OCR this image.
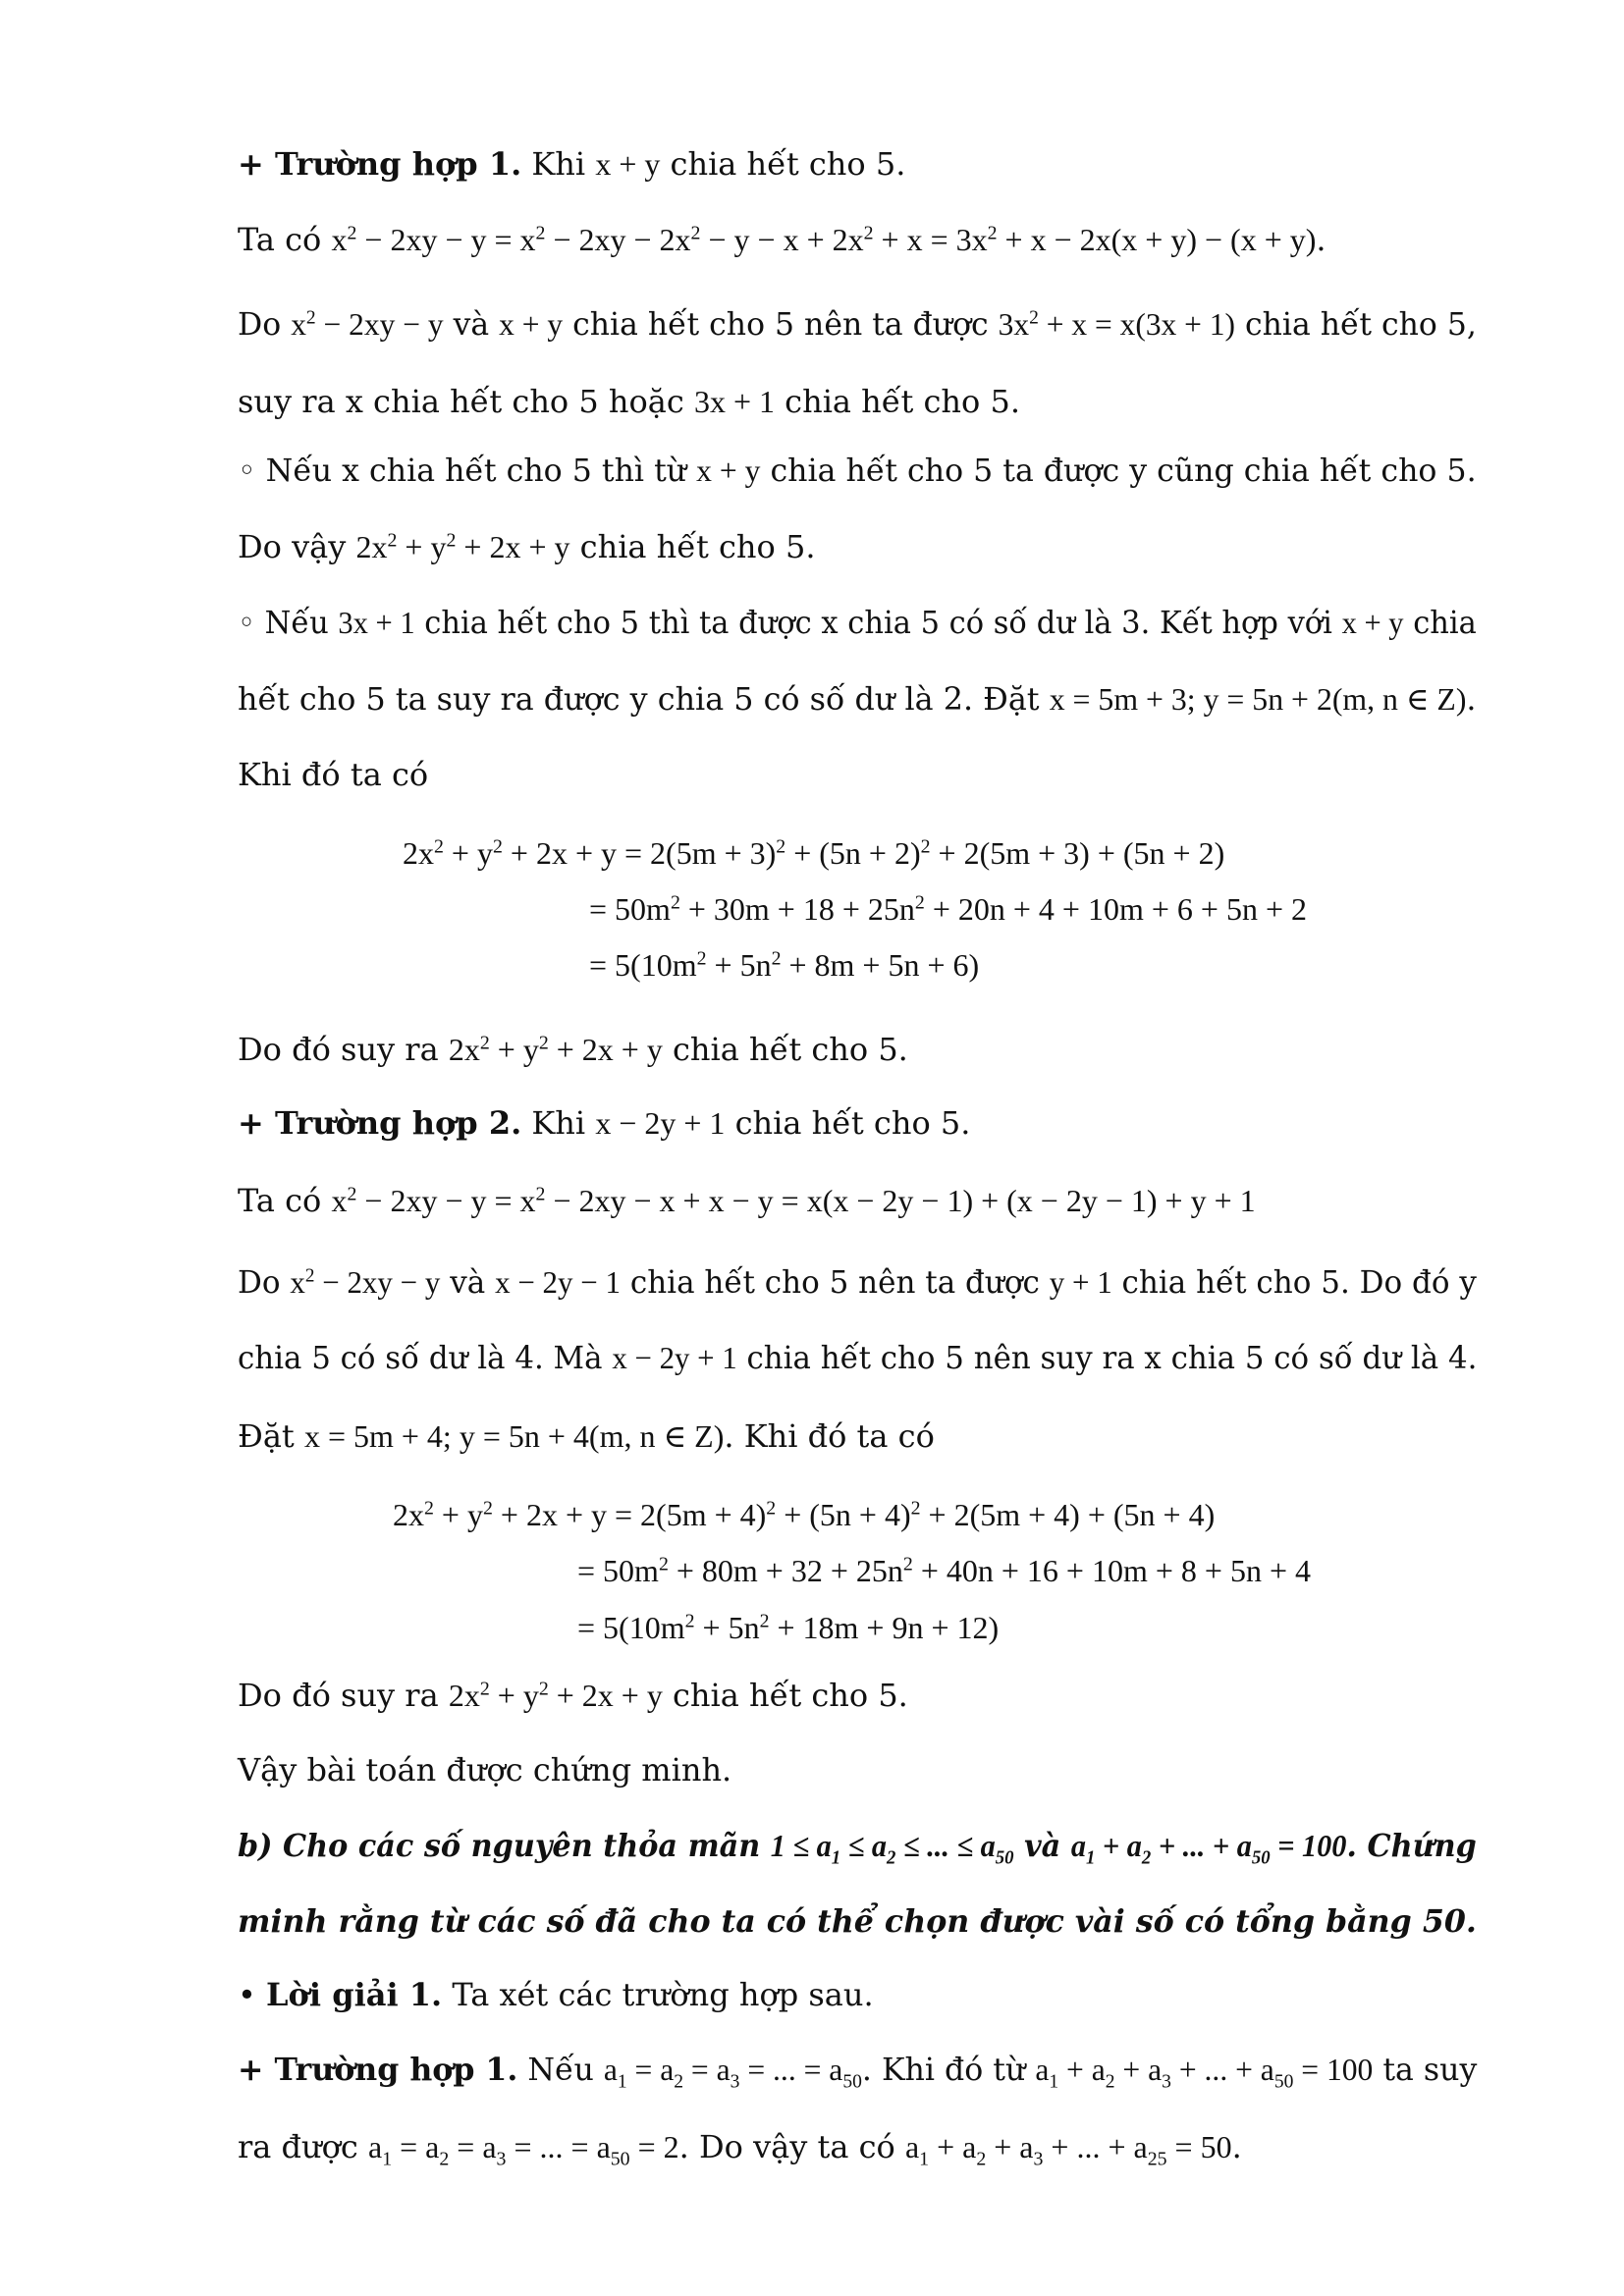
+ Trường hợp 1. Khi x + y chia hết cho 5.
Ta có $x^2 - 2xy - y = x^2 - 2xy - 2x^2 - y - x + 2x^2 + x = 3x^2 + x - 2x(x + y) - (x + y)$.
Do $x^2 - 2xy - y$ và x + y chia hết cho 5 nên ta được $3x^2 + x = x(3x + 1)$ chia hết cho 5,
suy ra x chia hết cho 5 hoặc 3x + 1 chia hết cho 5.
◦ Nếu x chia hết cho 5 thì từ x + y chia hết cho 5 ta được y cũng chia hết cho 5.
Do vậy $2x^2 + y^2 + 2x + y$ chia hết cho 5.
◦ Nếu 3x + 1 chia hết cho 5 thì ta được x chia 5 có số dư là 3. Kết hợp với x + y chia
hết cho 5 ta suy ra được y chia 5 có số dư là 2. Đặt x = 5m + 3; y = 5n + 2(m, n ∈ Z).
Khi đó ta có
$2x^2 + y^2 + 2x + y = 2(5m + 3)^2 + (5n + 2)^2 + 2(5m + 3) + (5n + 2)$
= $50m^2 + 30m + 18 + 25n^2 + 20n + 4 + 10m + 6 + 5n + 2$
= $5(10m^2 + 5n^2 + 8m + 5n + 6)$
Do đó suy ra $2x^2 + y^2 + 2x + y$ chia hết cho 5.
+ Trường hợp 2. Khi x − 2y + 1 chia hết cho 5.
Ta có $x^2 - 2xy - y = x^2 - 2xy - x + x - y = x(x - 2y - 1) + (x - 2y - 1) + y + 1$
Do $x^2 - 2xy - y$ và x − 2y − 1 chia hết cho 5 nên ta được y + 1 chia hết cho 5. Do đó y
chia 5 có số dư là 4. Mà x − 2y + 1 chia hết cho 5 nên suy ra x chia 5 có số dư là 4.
Đặt x = 5m + 4; y = 5n + 4(m, n ∈ Z). Khi đó ta có
$2x^2 + y^2 + 2x + y = 2(5m + 4)^2 + (5n + 4)^2 + 2(5m + 4) + (5n + 4)$
= $50m^2 + 80m + 32 + 25n^2 + 40n + 16 + 10m + 8 + 5n + 4$
= $5(10m^2 + 5n^2 + 18m + 9n + 12)$
Do đó suy ra $2x^2 + y^2 + 2x + y$ chia hết cho 5.
Vậy bài toán được chứng minh.
b) Cho các số nguyên thỏa mãn $1 \le a_1 \le a_2$ ≤ ... ≤ $a_{50}$ và $a_1 + a_2$ + ... + $a_{50} = 100$. Chứng
minh rằng từ các số đã cho ta có thể chọn được vài số có tổng bằng 50.
• Lời giải 1. Ta xét các trường hợp sau.
+ Trường hợp 1. Nếu $a_1 = a_2 = a_3$ = ... = $a_{50}$. Khi đó từ $a_1 + a_2 + a_3$ + ... + $a_{50} = 100$ ta suy
ra được $a_1 = a_2 = a_3$ = ... = $a_{50} = 2$. Do vậy ta có $a_1 + a_2 + a_3$ + ... + $a_{25} = 50$.
